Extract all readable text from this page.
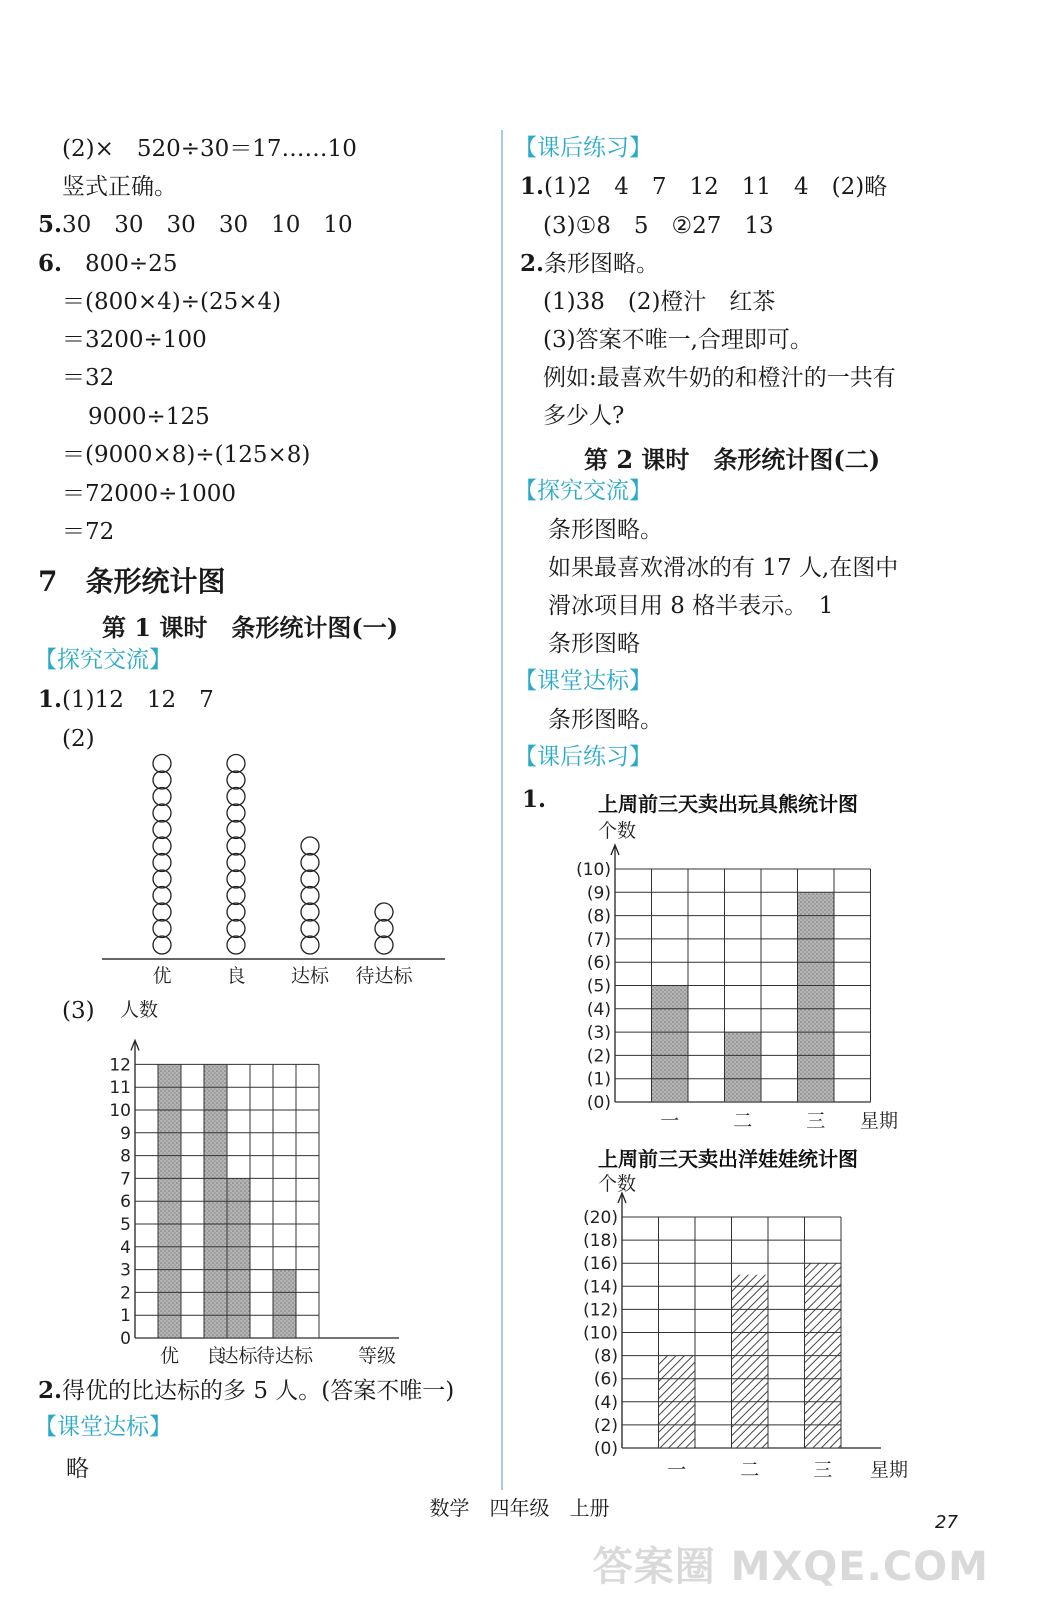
(2)×　520÷30＝17……10
竖式正确。
5.30　30　30　30　10　10
6.　 800÷25
＝(800×4)÷(25×4)
＝3200÷100
＝32
9000÷125
＝(9000×8)÷(125×8)
＝72000÷1000
＝72
7　条形统计图
第 1 课时　条形统计图(一)
【探究交流】
1.(1)12　12　7
(2)
优	良 达标 待达标
(3) 人数
0
1
2
3
4
5
6
7
8
9
10
11
12
优 良
达标
待达标 等级
2.得优的比达标的多 5 人。(答案不唯一)
【课堂达标】
略
【课后练习】
1.(1)2　4　7　12　11　4　(2)略
(3)①8　5　②27　13
2.条形图略。
(1)38　(2)橙汁　红茶
(3)答案不唯一,合理即可。
例如:最喜欢牛奶的和橙汁的一共有
多少人?
第 2 课时　条形统计图(二)
【探究交流】
条形图略。
如果最喜欢滑冰的有 17 人,在图中
滑冰项目用 8 格半表示。　1
条形图略
【课堂达标】
条形图略。
【课后练习】
1.
个数
(0)
(1)
(2)
(3)
(4)
(5)
(6)
(7)
(8)
(9)
(10)
一	二	三 星期
上周前三天卖出玩具熊统计图
个数
(0)
(2)
(4)
(6)
(8)
(10)
(12)
(14)
(16)
(18)
(20)
一	二	三 星期
上周前三天卖出洋娃娃统计图
数学　四年级　上册
27
答案圈 MXQE.COM
